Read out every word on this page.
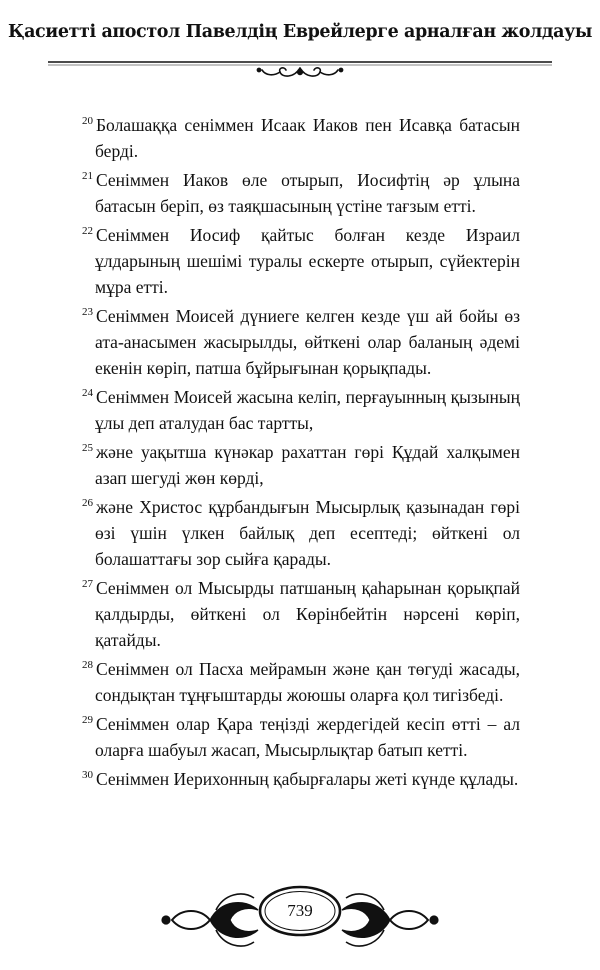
Қасиетті апостол Павелдің Еврейлерге арналған жолдауы

$^{20}$ Болашаққа сеніммен Исаак Иаков пен Исавқа батасын берді.

$^{21}$ Сеніммен Иаков өле отырып, Иосифтің әр ұлына батасын беріп, өз таяқшасының үстіне тағзым етті.

$^{22}$ Сеніммен Иосиф қайтыс болған кезде Израил ұлдарының шешімі туралы ескерте отырып, сүйектерін мұра етті.

$^{23}$ Сеніммен Моисей дүниеге келген кезде үш ай бойы өз ата-анасымен жасырылды, өйткені олар баланың әдемі екенін көріп, патша бұйрығынан қорықпады.

$^{24}$ Сеніммен Моисей жасына келіп, перғауынның қызының ұлы деп аталудан бас тартты,

$^{25}$ және уақытша күнәкар рахаттан гөрі Құдай халқымен азап шегуді жөн көрді,

$^{26}$ және Христос құрбандығын Мысырлық қазынадан гөрі өзі үшін үлкен байлық деп есептеді; өйткені ол болашаттағы зор сыйға қарады.

$^{27}$ Сеніммен ол Мысырды патшаның қаһарынан қорықпай қалдырды, өйткені ол Көрінбейтін нәрсені көріп, қатайды.

$^{28}$ Сеніммен ол Пасха мейрамын және қан төгуді жасады, сондықтан тұңғыштарды жоюшы оларға қол тигізбеді.

$^{29}$ Сеніммен олар Қара теңізді жердегідей кесіп өтті – ал оларға шабуыл жасап, Мысырлықтар батып кетті.

$^{30}$ Сеніммен Иерихонның қабырғалары жеті күнде құлады.

739
